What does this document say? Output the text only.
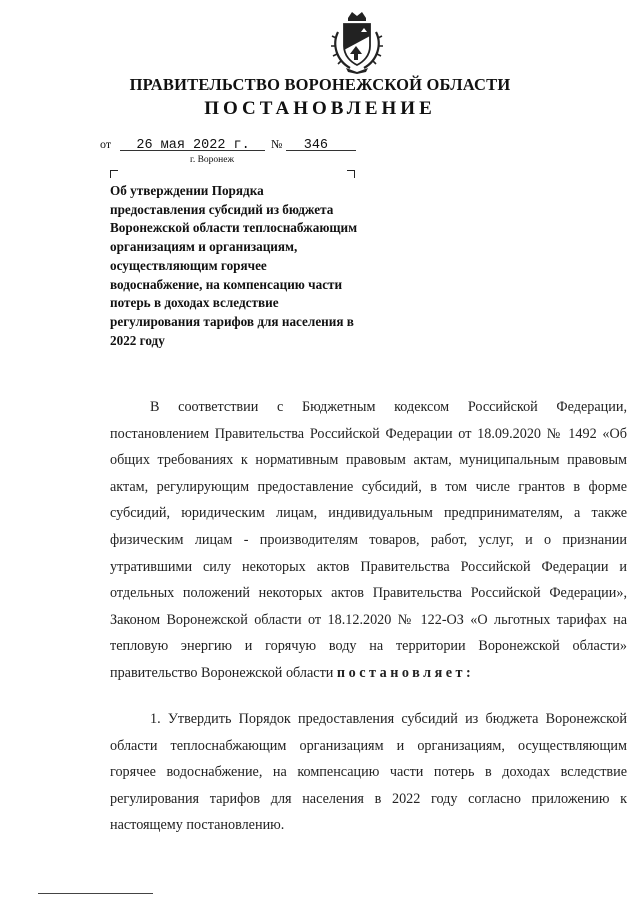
ПРАВИТЕЛЬСТВО ВОРОНЕЖСКОЙ ОБЛАСТИ
ПОСТАНОВЛЕНИЕ
от 26 мая 2022 г. № 346
г. Воронеж
Об утверждении Порядка предоставления субсидий из бюджета Воронежской области теплоснабжающим организациям и организациям, осуществляющим горячее водоснабжение, на компенсацию части потерь в доходах вследствие регулирования тарифов для населения в 2022 году
В соответствии с Бюджетным кодексом Российской Федерации, постановлением Правительства Российской Федерации от 18.09.2020 № 1492 «Об общих требованиях к нормативным правовым актам, муниципальным правовым актам, регулирующим предоставление субсидий, в том числе грантов в форме субсидий, юридическим лицам, индивидуальным предпринимателям, а также физическим лицам - производителям товаров, работ, услуг, и о признании утратившими силу некоторых актов Правительства Российской Федерации и отдельных положений некоторых актов Правительства Российской Федерации», Законом Воронежской области от 18.12.2020 № 122-ОЗ «О льготных тарифах на тепловую энергию и горячую воду на территории Воронежской области» правительство Воронежской области постановляет:
1. Утвердить Порядок предоставления субсидий из бюджета Воронежской области теплоснабжающим организациям и организациям, осуществляющим горячее водоснабжение, на компенсацию части потерь в доходах вследствие регулирования тарифов для населения в 2022 году согласно приложению к настоящему постановлению.
